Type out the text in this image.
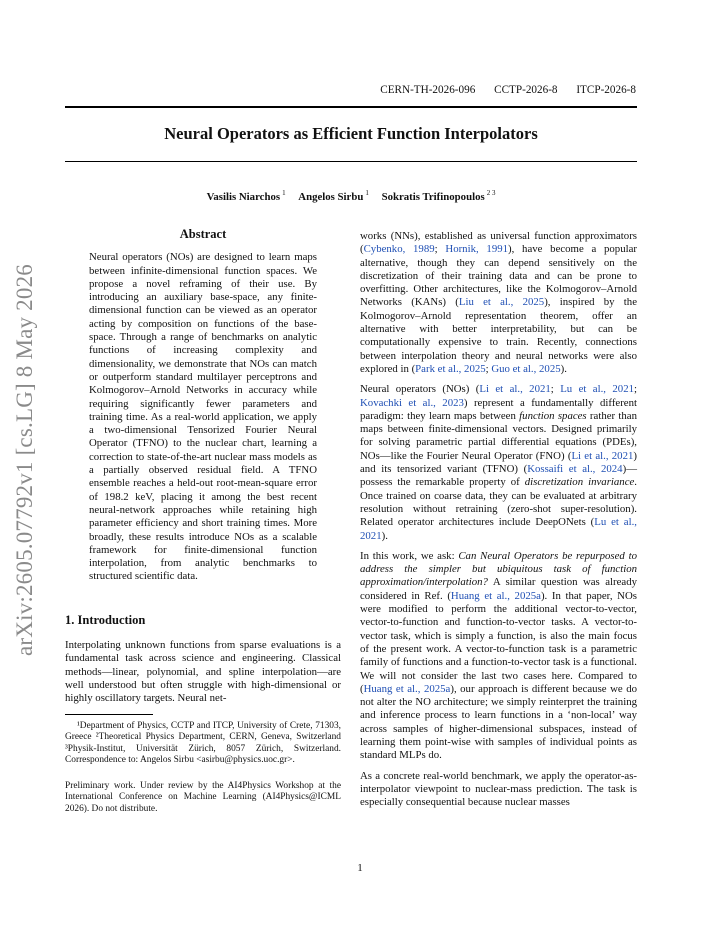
arXiv:2605.07792v1 [cs.LG] 8 May 2026
CERN-TH-2026-096 CCTP-2026-8 ITCP-2026-8
Neural Operators as Efficient Function Interpolators
Vasilis Niarchos $^1$ Angelos Sirbu $^1$ Sokratis Trifinopoulos $^{2 3}$
Abstract
Neural operators (NOs) are designed to learn maps between infinite-dimensional function spaces. We propose a novel reframing of their use. By introducing an auxiliary base-space, any finite-dimensional function can be viewed as an operator acting by composition on functions of the base-space. Through a range of benchmarks on analytic functions of increasing complexity and dimensionality, we demonstrate that NOs can match or outperform standard multilayer perceptrons and Kolmogorov–Arnold Networks in accuracy while requiring significantly fewer parameters and training time. As a real-world application, we apply a two-dimensional Tensorized Fourier Neural Operator (TFNO) to the nuclear chart, learning a correction to state-of-the-art nuclear mass models as a partially observed residual field. A TFNO ensemble reaches a held-out root-mean-square error of 198.2 keV, placing it among the best recent neural-network approaches while retaining high parameter efficiency and short training times. More broadly, these results introduce NOs as a scalable framework for finite-dimensional function interpolation, from analytic benchmarks to structured scientific data.
1. Introduction

Interpolating unknown functions from sparse evaluations is a fundamental task across science and engineering. Classical methods—linear, polynomial, and spline interpolation—are well understood but often struggle with high-dimensional or highly oscillatory targets. Neural net-

¹Department of Physics, CCTP and ITCP, University of Crete, 71303, Greece ²Theoretical Physics Department, CERN, Geneva, Switzerland ³Physik-Institut, Universität Zürich, 8057 Zürich, Switzerland. Correspondence to: Angelos Sirbu <asirbu@physics.uoc.gr>.

Preliminary work. Under review by the AI4Physics Workshop at the International Conference on Machine Learning (AI4Physics@ICML 2026). Do not distribute.

works (NNs), established as universal function approximators (Cybenko, 1989; Hornik, 1991), have become a popular alternative, though they can depend sensitively on the discretization of their training data and can be prone to overfitting. Other architectures, like the Kolmogorov–Arnold Networks (KANs) (Liu et al., 2025), inspired by the Kolmogorov–Arnold representation theorem, offer an alternative with better interpretability, but can be computationally expensive to train. Recently, connections between interpolation theory and neural networks were also explored in (Park et al., 2025; Guo et al., 2025).

Neural operators (NOs) (Li et al., 2021; Lu et al., 2021; Kovachki et al., 2023) represent a fundamentally different paradigm: they learn maps between function spaces rather than maps between finite-dimensional vectors. Designed primarily for solving parametric partial differential equations (PDEs), NOs—like the Fourier Neural Operator (FNO) (Li et al., 2021) and its tensorized variant (TFNO) (Kossaifi et al., 2024)—possess the remarkable property of discretization invariance. Once trained on coarse data, they can be evaluated at arbitrary resolution without retraining (zero-shot super-resolution). Related operator architectures include DeepONets (Lu et al., 2021).

In this work, we ask: Can Neural Operators be repurposed to address the simpler but ubiquitous task of function approximation/interpolation? A similar question was already considered in Ref. (Huang et al., 2025a). In that paper, NOs were modified to perform the additional vector-to-vector, vector-to-function and function-to-vector tasks. A vector-to-vector task, which is simply a function, is also the main focus of the present work. A vector-to-function task is a parametric family of functions and a function-to-vector task is a functional. We will not consider the last two cases here. Compared to (Huang et al., 2025a), our approach is different because we do not alter the NO architecture; we simply reinterpret the training and inference process to learn functions in a ‘non-local’ way across samples of higher-dimensional subspaces, instead of learning them point-wise with samples of individual points as standard MLPs do.

As a concrete real-world benchmark, we apply the operator-as-interpolator viewpoint to nuclear-mass prediction. The task is especially consequential because nuclear masses

1
